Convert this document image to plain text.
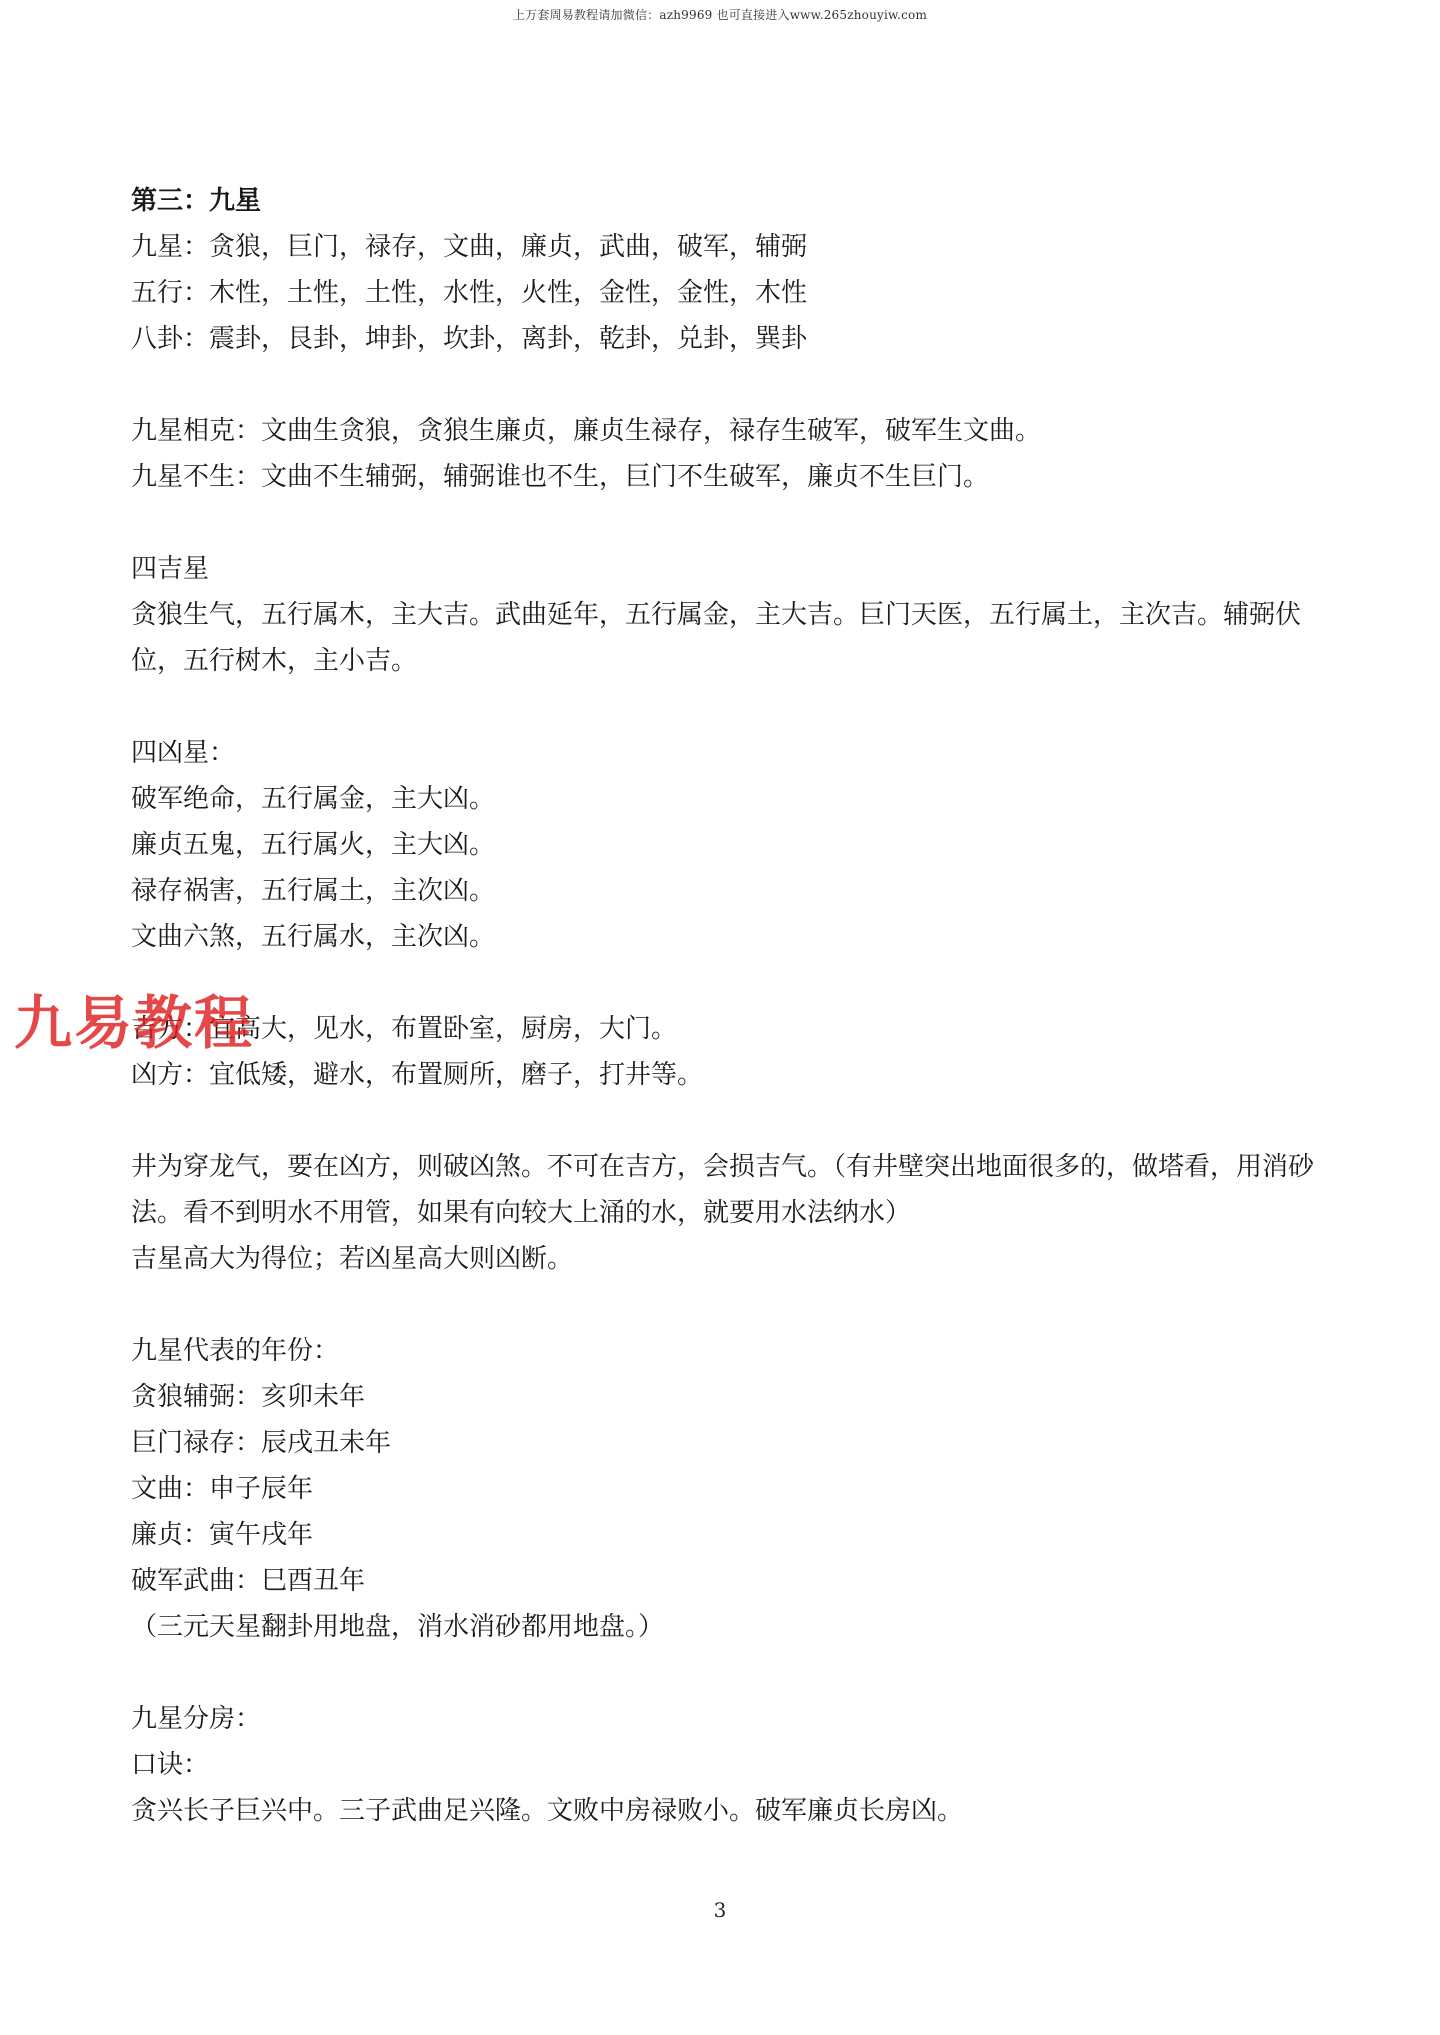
上万套周易教程请加微信：azh9969 也可直接进入www.265zhouyiw.com
第三：九星
九星：贪狼，巨门，禄存，文曲，廉贞，武曲，破军，辅弼
五行：木性，土性，土性，水性，火性，金性，金性，木性
八卦：震卦，艮卦，坤卦，坎卦，离卦，乾卦，兑卦，巽卦
九星相克：文曲生贪狼，贪狼生廉贞，廉贞生禄存，禄存生破军，破军生文曲。
九星不生：文曲不生辅弼，辅弼谁也不生，巨门不生破军，廉贞不生巨门。
四吉星
贪狼生气，五行属木，主大吉。武曲延年，五行属金，主大吉。巨门天医，五行属土，主次吉。辅弼伏位，五行树木，主小吉。
四凶星：
破军绝命，五行属金，主大凶。
廉贞五鬼，五行属火，主大凶。
禄存祸害，五行属土，主次凶。
文曲六煞，五行属水，主次凶。
吉方：宜高大，见水，布置卧室，厨房，大门。
凶方：宜低矮，避水，布置厕所，磨子，打井等。
井为穿龙气，要在凶方，则破凶煞。不可在吉方，会损吉气。（有井壁突出地面很多的，做塔看，用消砂法。看不到明水不用管，如果有向较大上涌的水，就要用水法纳水）
吉星高大为得位；若凶星高大则凶断。
九星代表的年份：
贪狼辅弼：亥卯未年
巨门禄存：辰戌丑未年
文曲：申子辰年
廉贞：寅午戌年
破军武曲：巳酉丑年
（三元天星翻卦用地盘，消水消砂都用地盘。）
九星分房：
口诀：
贪兴长子巨兴中。三子武曲足兴隆。文败中房禄败小。破军廉贞长房凶。
九易教程
3
